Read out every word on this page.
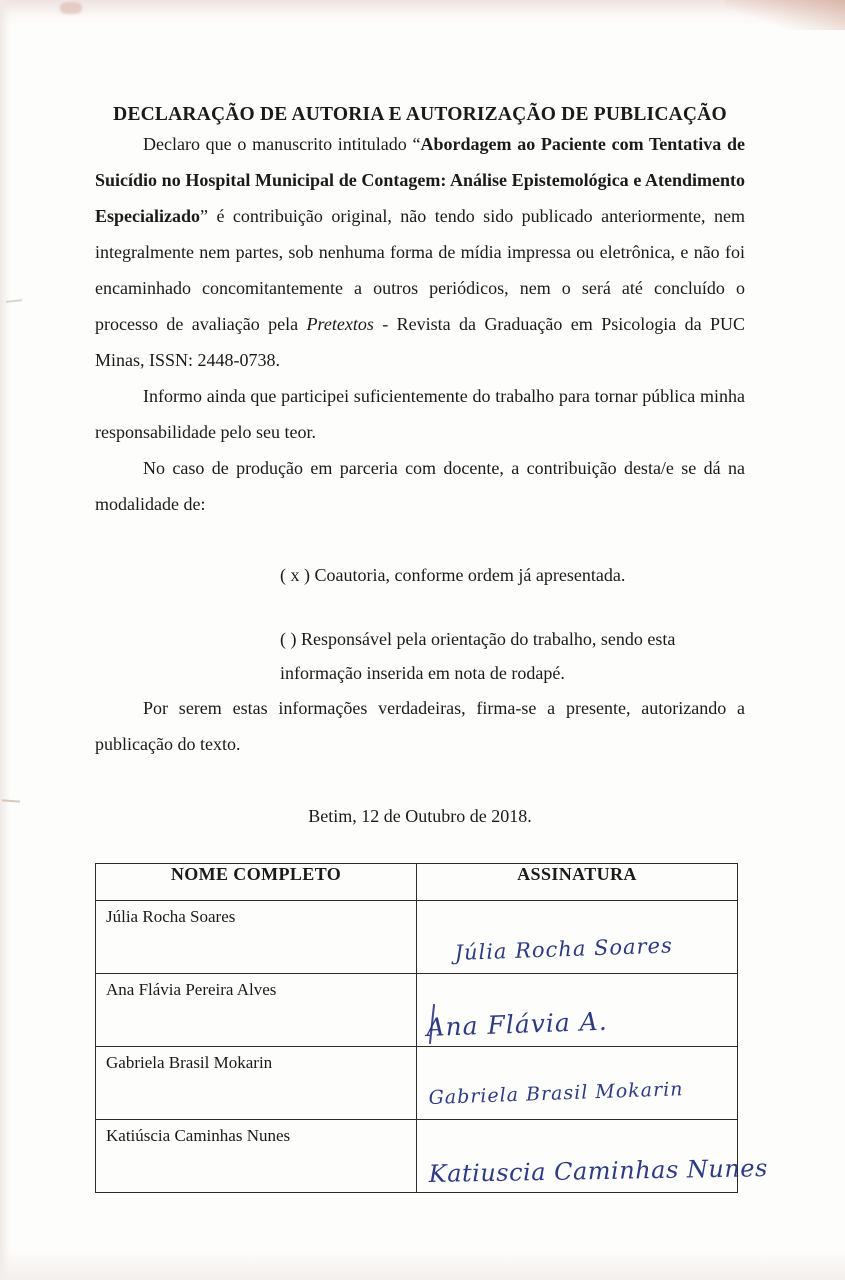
DECLARAÇÃO DE AUTORIA E AUTORIZAÇÃO DE PUBLICAÇÃO

Declaro que o manuscrito intitulado “Abordagem ao Paciente com Tentativa de Suicídio no Hospital Municipal de Contagem: Análise Epistemológica e Atendimento Especializado” é contribuição original, não tendo sido publicado anteriormente, nem integralmente nem partes, sob nenhuma forma de mídia impressa ou eletrônica, e não foi encaminhado concomitantemente a outros periódicos, nem o será até concluído o processo de avaliação pela Pretextos - Revista da Graduação em Psicologia da PUC Minas, ISSN: 2448-0738.

Informo ainda que participei suficientemente do trabalho para tornar pública minha responsabilidade pelo seu teor.

No caso de produção em parceria com docente, a contribuição desta/e se dá na modalidade de:

( x ) Coautoria, conforme ordem já apresentada.

( ) Responsável pela orientação do trabalho, sendo esta
informação inserida em nota de rodapé.

Por serem estas informações verdadeiras, firma-se a presente, autorizando a publicação do texto.

Betim, 12 de Outubro de 2018.

NOME COMPLETO	ASSINATURA
Júlia Rocha Soares	Júlia Rocha Soares

Ana Flávia Pereira Alves	Ana Flávia A.

Gabriela Brasil Mokarin	Gabriela Brasil Mokarin

Katiúscia Caminhas Nunes	Katiuscia Caminhas Nunes
